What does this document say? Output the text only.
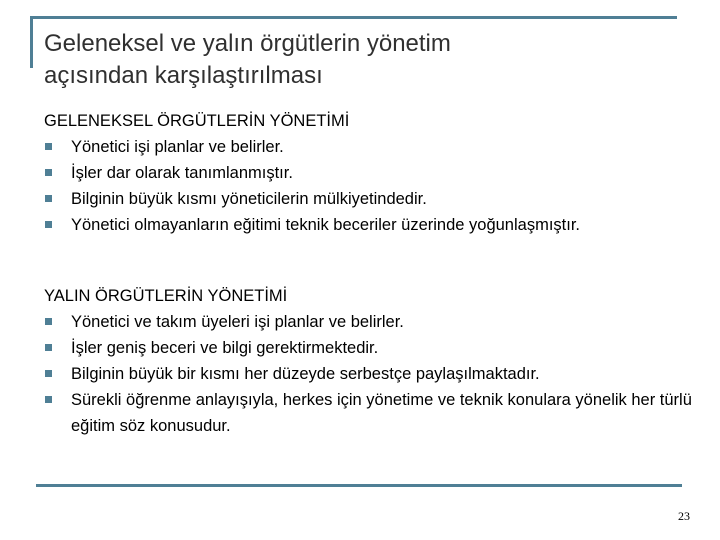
Geleneksel ve yalın örgütlerin yönetim
açısından karşılaştırılması
GELENEKSEL ÖRGÜTLERİN YÖNETİMİ
Yönetici işi planlar ve belirler.
İşler dar olarak tanımlanmıştır.
Bilginin büyük kısmı yöneticilerin mülkiyetindedir.
Yönetici olmayanların eğitimi teknik beceriler üzerinde yoğunlaşmıştır.
YALIN ÖRGÜTLERİN YÖNETİMİ
Yönetici ve takım üyeleri işi planlar ve belirler.
İşler geniş beceri ve bilgi gerektirmektedir.
Bilginin büyük bir kısmı her düzeyde serbestçe paylaşılmaktadır.
Sürekli öğrenme anlayışıyla, herkes için yönetime ve teknik konulara yönelik her türlü eğitim söz konusudur.
23
